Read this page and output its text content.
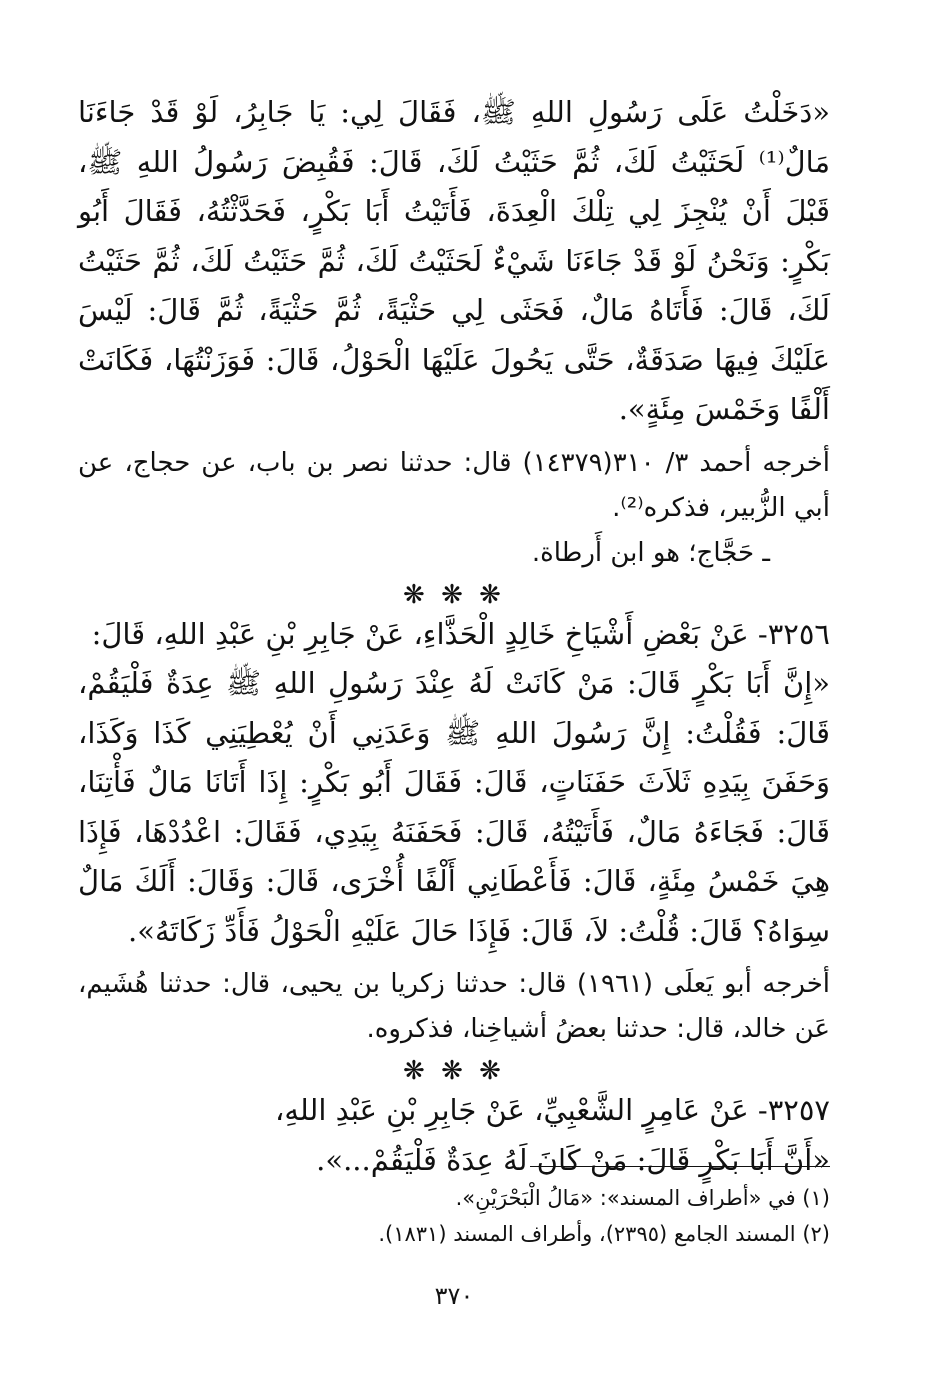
«دَخَلْتُ عَلَى رَسُولِ اللهِ ﷺ، فَقَالَ لِي: يَا جَابِرُ، لَوْ قَدْ جَاءَنَا مَالٌ⁽¹⁾ لَحَثَيْتُ لَكَ، ثُمَّ حَثَيْتُ لَكَ، قَالَ: فَقُبِضَ رَسُولُ اللهِ ﷺ، قَبْلَ أَنْ يُنْجِزَ لِي تِلْكَ الْعِدَةَ، فَأَتَيْتُ أَبَا بَكْرٍ، فَحَدَّثْتُهُ، فَقَالَ أَبُو بَكْرٍ: وَنَحْنُ لَوْ قَدْ جَاءَنَا شَيْءٌ لَحَثَيْتُ لَكَ، ثُمَّ حَثَيْتُ لَكَ، ثُمَّ حَثَيْتُ لَكَ، قَالَ: فَأَتَاهُ مَالٌ، فَحَثَى لِي حَثْيَةً، ثُمَّ حَثْيَةً، ثُمَّ قَالَ: لَيْسَ عَلَيْكَ فِيهَا صَدَقَةٌ، حَتَّى يَحُولَ عَلَيْهَا الْحَوْلُ، قَالَ: فَوَزَنْتُهَا، فَكَانَتْ أَلْفًا وَخَمْسَ مِئَةٍ».

أخرجه أحمد ٣/ ٣١٠(١٤٣٧٩) قال: حدثنا نصر بن باب، عن حجاج، عن أبي الزُّبير، فذكره⁽²⁾.

ـ حَجَّاج؛ هو ابن أَرطاة.

❋ ❋ ❋

٣٢٥٦- عَنْ بَعْضِ أَشْيَاخِ خَالِدٍ الْحَذَّاءِ، عَنْ جَابِرِ بْنِ عَبْدِ اللهِ، قَالَ:

«إِنَّ أَبَا بَكْرٍ قَالَ: مَنْ كَانَتْ لَهُ عِنْدَ رَسُولِ اللهِ ﷺ عِدَةٌ فَلْيَقُمْ، قَالَ: فَقُلْتُ: إِنَّ رَسُولَ اللهِ ﷺ وَعَدَنِي أَنْ يُعْطِيَنِي كَذَا وَكَذَا، وَحَفَنَ بِيَدِهِ ثَلاَثَ حَفَنَاتٍ، قَالَ: فَقَالَ أَبُو بَكْرٍ: إِذَا أَتَانَا مَالٌ فَأْتِنَا، قَالَ: فَجَاءَهُ مَالٌ، فَأَتَيْتُهُ، قَالَ: فَحَفَنَهُ بِيَدِي، فَقَالَ: اعْدُدْهَا، فَإِذَا هِيَ خَمْسُ مِئَةٍ، قَالَ: فَأَعْطَانِي أَلْفًا أُخْرَى، قَالَ: وَقَالَ: أَلَكَ مَالٌ سِوَاهُ؟ قَالَ: قُلْتُ: لاَ، قَالَ: فَإِذَا حَالَ عَلَيْهِ الْحَوْلُ فَأَدِّ زَكَاتَهُ».

أخرجه أبو يَعلَى (١٩٦١) قال: حدثنا زكريا بن يحيى، قال: حدثنا هُشَيم، عَن خالد، قال: حدثنا بعضُ أشياخِنا، فذكروه.

❋ ❋ ❋

٣٢٥٧- عَنْ عَامِرٍ الشَّعْبِيِّ، عَنْ جَابِرِ بْنِ عَبْدِ اللهِ،

«أَنَّ أَبَا بَكْرٍ قَالَ: مَنْ كَانَ لَهُ عِدَةٌ فَلْيَقُمْ...».

(١) في «أطراف المسند»: «مَالُ الْبَحْرَيْنِ».

(٢) المسند الجامع (٢٣٩٥)، وأطراف المسند (١٨٣١).

٣٧٠
